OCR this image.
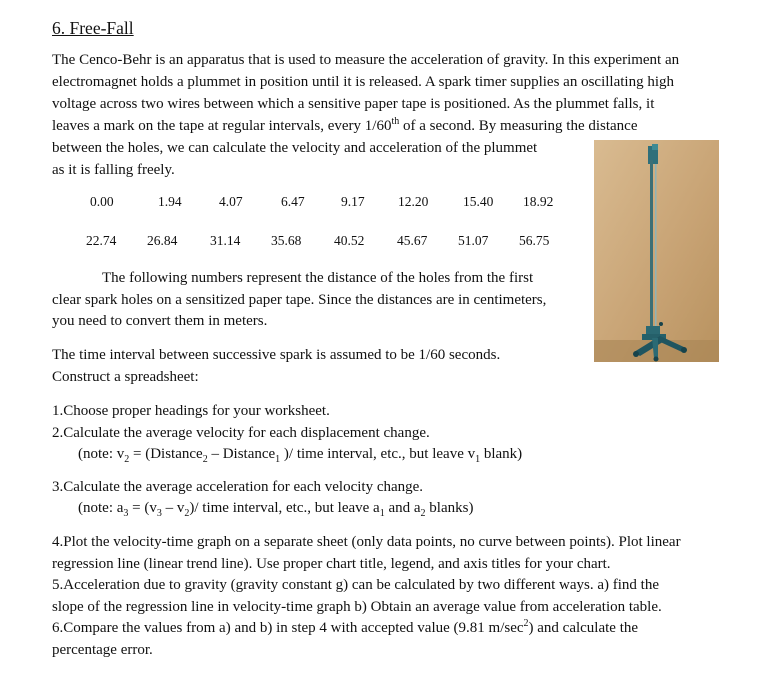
6. Free-Fall
The Cenco-Behr is an apparatus that is used to measure the acceleration of gravity. In this experiment an
electromagnet holds a plummet in position until it is released. A spark timer supplies an oscillating high
voltage across two wires between which a sensitive paper tape is positioned. As the plummet falls, it
leaves a mark on the tape at regular intervals, every 1/60th of a second. By measuring the distance
between the holes, we can calculate the velocity and acceleration of the plummet
as it is falling freely.
0.00	1.94	4.07	6.47	9.17 12.20	15.40 18.92
22.74 26.84 31.14 35.68 40.52 45.67 51.07 56.75
The following numbers represent the distance of the holes from the first
clear spark holes on a sensitized paper tape. Since the distances are in centimeters,
you need to convert them in meters.
The time interval between successive spark is assumed to be 1/60 seconds.
Construct a spreadsheet:
1.Choose proper headings for your worksheet.
2.Calculate the average velocity for each displacement change.
(note: $v_2$ = (Distance$_2$ – Distance$_1$ )/ time interval, etc., but leave $v_1$ blank)
3.Calculate the average acceleration for each velocity change.
(note: $a_3 = (v_3 - v_2)/$ time interval, etc., but leave $a_1$ and $a_2$ blanks)
4.Plot the velocity-time graph on a separate sheet (only data points, no curve between points). Plot linear
regression line (linear trend line). Use proper chart title, legend, and axis titles for your chart.
5.Acceleration due to gravity (gravity constant g) can be calculated by two different ways. a) find the
slope of the regression line in velocity-time graph b) Obtain an average value from acceleration table.
6.Compare the values from a) and b) in step 4 with accepted value (9.81 $m/\sec^2$) and calculate the
percentage error.
